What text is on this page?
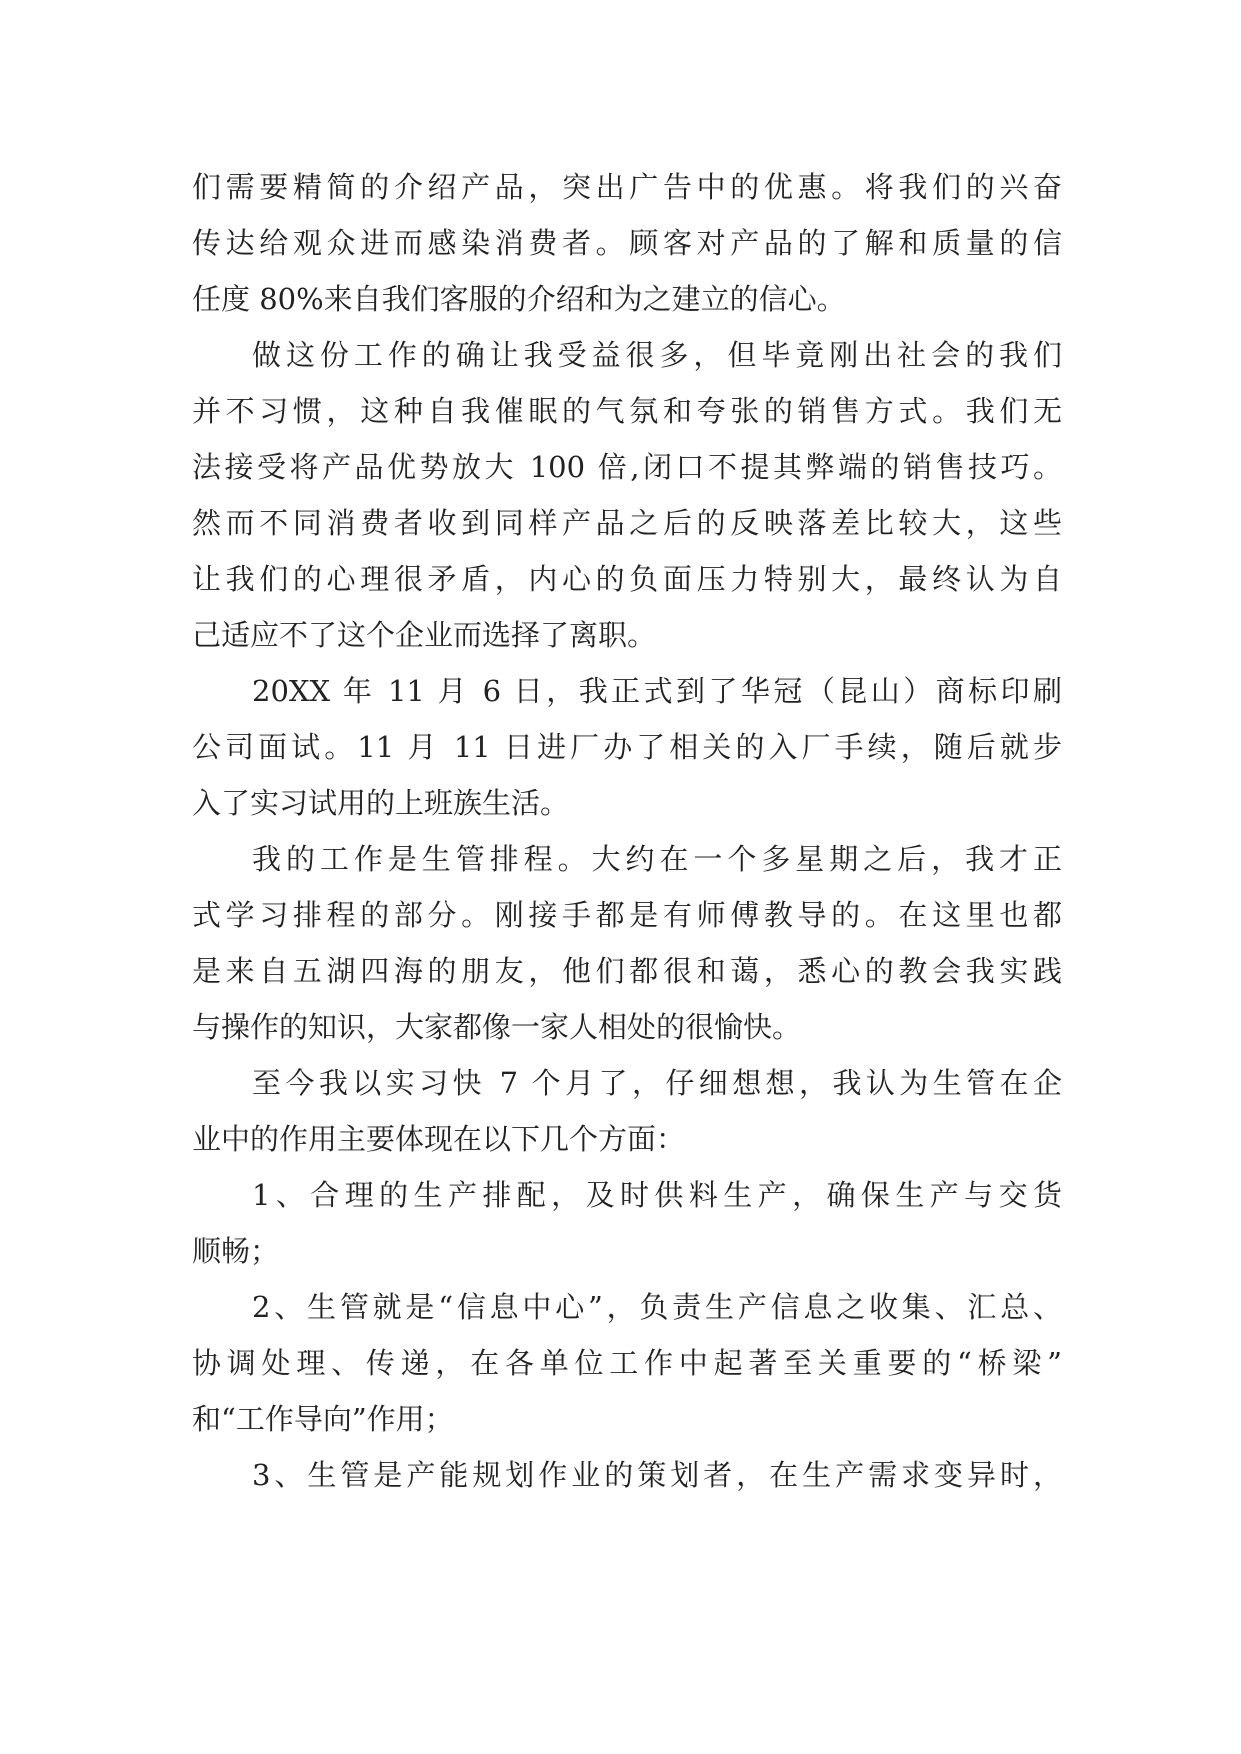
们需要精简的介绍产品，突出广告中的优惠。将我们的兴奋
传达给观众进而感染消费者。顾客对产品的了解和质量的信
任度 80%来自我们客服的介绍和为之建立的信心。
做这份工作的确让我受益很多，但毕竟刚出社会的我们
并不习惯，这种自我催眠的气氛和夸张的销售方式。我们无
法接受将产品优势放大 100 倍,闭口不提其弊端的销售技巧。
然而不同消费者收到同样产品之后的反映落差比较大，这些
让我们的心理很矛盾，内心的负面压力特别大，最终认为自
己适应不了这个企业而选择了离职。
20XX 年 11 月 6 日，我正式到了华冠（昆山）商标印刷
公司面试。11 月 11 日进厂办了相关的入厂手续，随后就步
入了实习试用的上班族生活。
我的工作是生管排程。大约在一个多星期之后，我才正
式学习排程的部分。刚接手都是有师傅教导的。在这里也都
是来自五湖四海的朋友，他们都很和蔼，悉心的教会我实践
与操作的知识，大家都像一家人相处的很愉快。
至今我以实习快 7 个月了，仔细想想，我认为生管在企
业中的作用主要体现在以下几个方面：
1、合理的生产排配，及时供料生产，确保生产与交货
顺畅；
2、生管就是“信息中心”，负责生产信息之收集、汇总、
协调处理、传递，在各单位工作中起著至关重要的“桥梁”
和“工作导向”作用；
3、生管是产能规划作业的策划者，在生产需求变异时，
